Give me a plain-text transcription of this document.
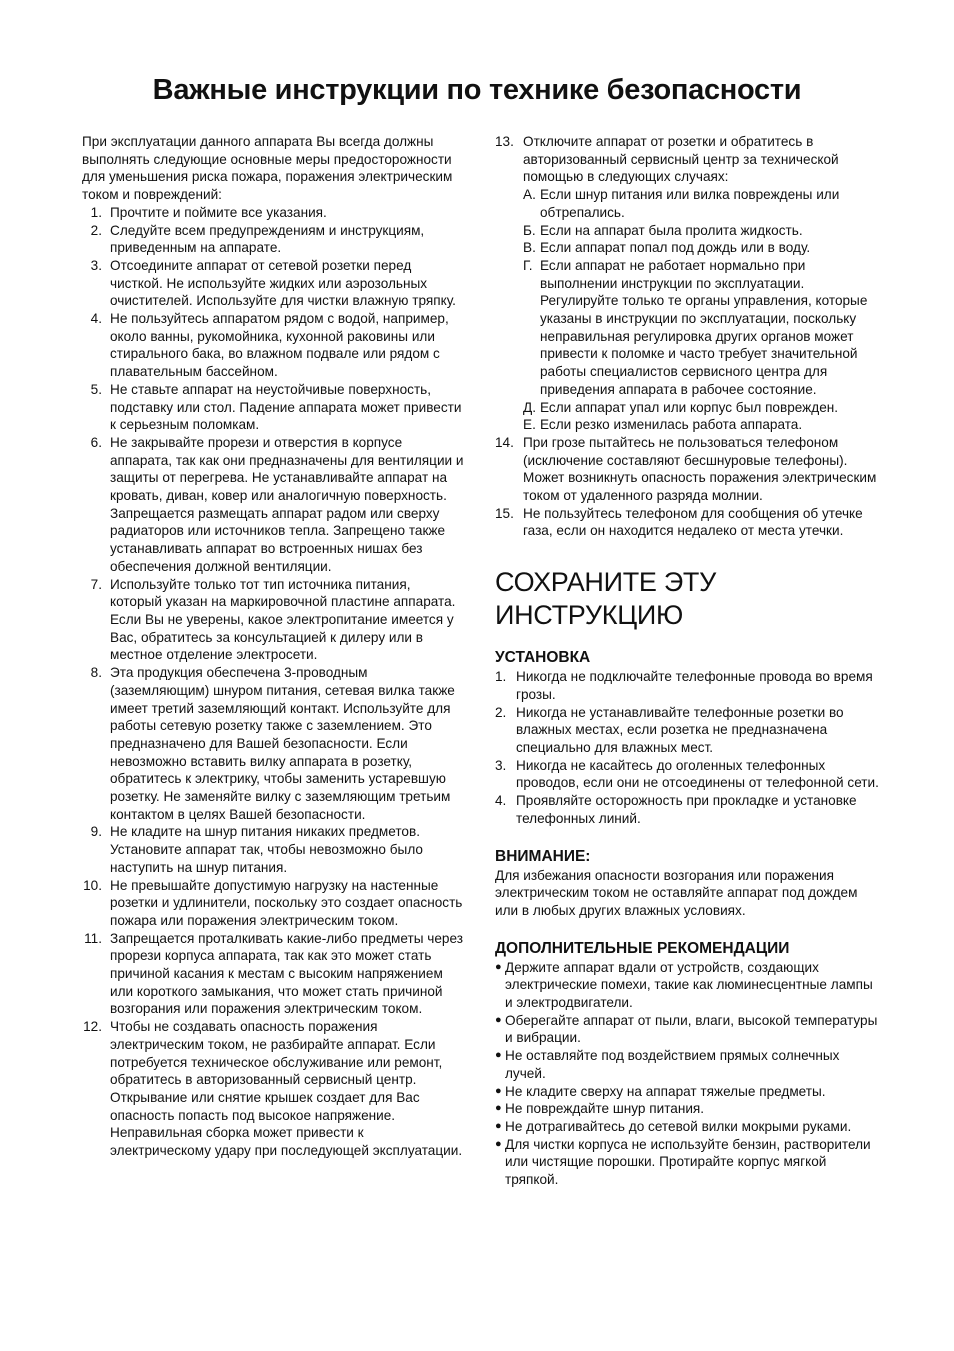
Важные инструкции по технике безопасности

При эксплуатации данного аппарата Вы всегда должны выполнять следующие основные меры предосторожности для уменьшения риска пожара, поражения электрическим током и повреждений:

1. Прочтите и поймите все указания.
2. Следуйте всем предупреждениям и инструкциям, приведенным на аппарате.
3. Отсоедините аппарат от сетевой розетки перед чисткой. Не используйте жидких или аэрозольных очистителей. Используйте для чистки влажную тряпку.
4. Не пользуйтесь аппаратом рядом с водой, например, около ванны, рукомойника, кухонной раковины или стирального бака, во влажном подвале или рядом с плавательным бассейном.
5. Не ставьте аппарат на неустойчивые поверхность, подставку или стол. Падение аппарата может привести к серьезным поломкам.
6. Не закрывайте прорези и отверстия в корпусе аппарата, так как они предназначены для вентиляции и защиты от перегрева. Не устанавливайте аппарат на кровать, диван, ковер или аналогичную поверхность. Запрещается размещать аппарат радом или сверху радиаторов или источников тепла. Запрещено также устанавливать аппарат во встроенных нишах без обеспечения должной вентиляции.
7. Используйте только тот тип источника питания, который указан на маркировочной пластине аппарата. Если Вы не уверены, какое электропитание имеется у Вас, обратитесь за консультацией к дилеру или в местное отделение электросети.
8. Эта продукция обеспечена 3-проводным (заземляющим) шнуром питания, сетевая вилка также имеет третий заземляющий контакт. Используйте для работы сетевую розетку также с заземлением. Это предназначено для Вашей безопасности. Если невозможно вставить вилку аппарата в розетку, обратитесь к электрику, чтобы заменить устаревшую розетку. Не заменяйте вилку с заземляющим третьим контактом в целях Вашей безопасности.
9. Не кладите на шнур питания никаких предметов. Установите аппарат так, чтобы невозможно было наступить на шнур питания.
10. Не превышайте допустимую нагрузку на настенные розетки и удлинители, поскольку это создает опасность пожара или поражения электрическим током.
11. Запрещается проталкивать какие-либо предметы через прорези корпуса аппарата, так как это может стать причиной касания к местам с высоким напряжением или короткого замыкания, что может стать причиной возгорания или поражения электрическим током.
12. Чтобы не создавать опасность поражения электрическим током, не разбирайте аппарат. Если потребуется техническое обслуживание или ремонт, обратитесь в авторизованный сервисный центр. Открывание или снятие крышек создает для Вас опасность попасть под высокое напряжение. Неправильная сборка может привести к электрическому удару при последующей эксплуатации.
13. Отключите аппарат от розетки и обратитесь в авторизованный сервисный центр за технической помощью в следующих случаях:
А. Если шнур питания или вилка повреждены или обтрепались.
Б. Если на аппарат была пролита жидкость.
В. Если аппарат попал под дождь или в воду.
Г. Если аппарат не работает нормально при выполнении инструкции по эксплуатации. Регулируйте только те органы управления, которые указаны в инструкции по эксплуатации, поскольку неправильная регулировка других органов может привести к поломке и часто требует значительной работы специалистов сервисного центра для приведения аппарата в рабочее состояние.
Д. Если аппарат упал или корпус был поврежден.
Е. Если резко изменилась работа аппарата.
14. При грозе пытайтесь не пользоваться телефоном (исключение составляют бесшнуровые телефоны). Может возникнуть опасность поражения электрическим током от удаленного разряда молнии.
15. Не пользуйтесь телефоном для сообщения об утечке газа, если он находится недалеко от места утечки.
СОХРАНИТЕ ЭТУ
ИНСТРУКЦИЮ
УСТАНОВКА
1. Никогда не подключайте телефонные провода во время грозы.
2. Никогда не устанавливайте телефонные розетки во влажных местах, если розетка не предназначена специально для влажных мест.
3. Никогда не касайтесь до оголенных телефонных проводов, если они не отсоединены от телефонной сети.
4. Проявляйте осторожность при прокладке и установке телефонных линий.
ВНИМАНИЕ:

Для избежания опасности возгорания или поражения электрическим током не оставляйте аппарат под дождем или в любых других влажных условиях.

ДОПОЛНИТЕЛЬНЫЕ РЕКОМЕНДАЦИИ
● Держите аппарат вдали от устройств, создающих электрические помехи, такие как люминесцентные лампы и электродвигатели.
● Оберегайте аппарат от пыли, влаги, высокой температуры и вибрации.
● Не оставляйте под воздействием прямых солнечных лучей.
● Не кладите сверху на аппарат тяжелые предметы.
● Не повреждайте шнур питания.
● Не дотрагивайтесь до сетевой вилки мокрыми руками.
● Для чистки корпуса не используйте бензин, растворители или чистящие порошки. Протирайте корпус мягкой тряпкой.
